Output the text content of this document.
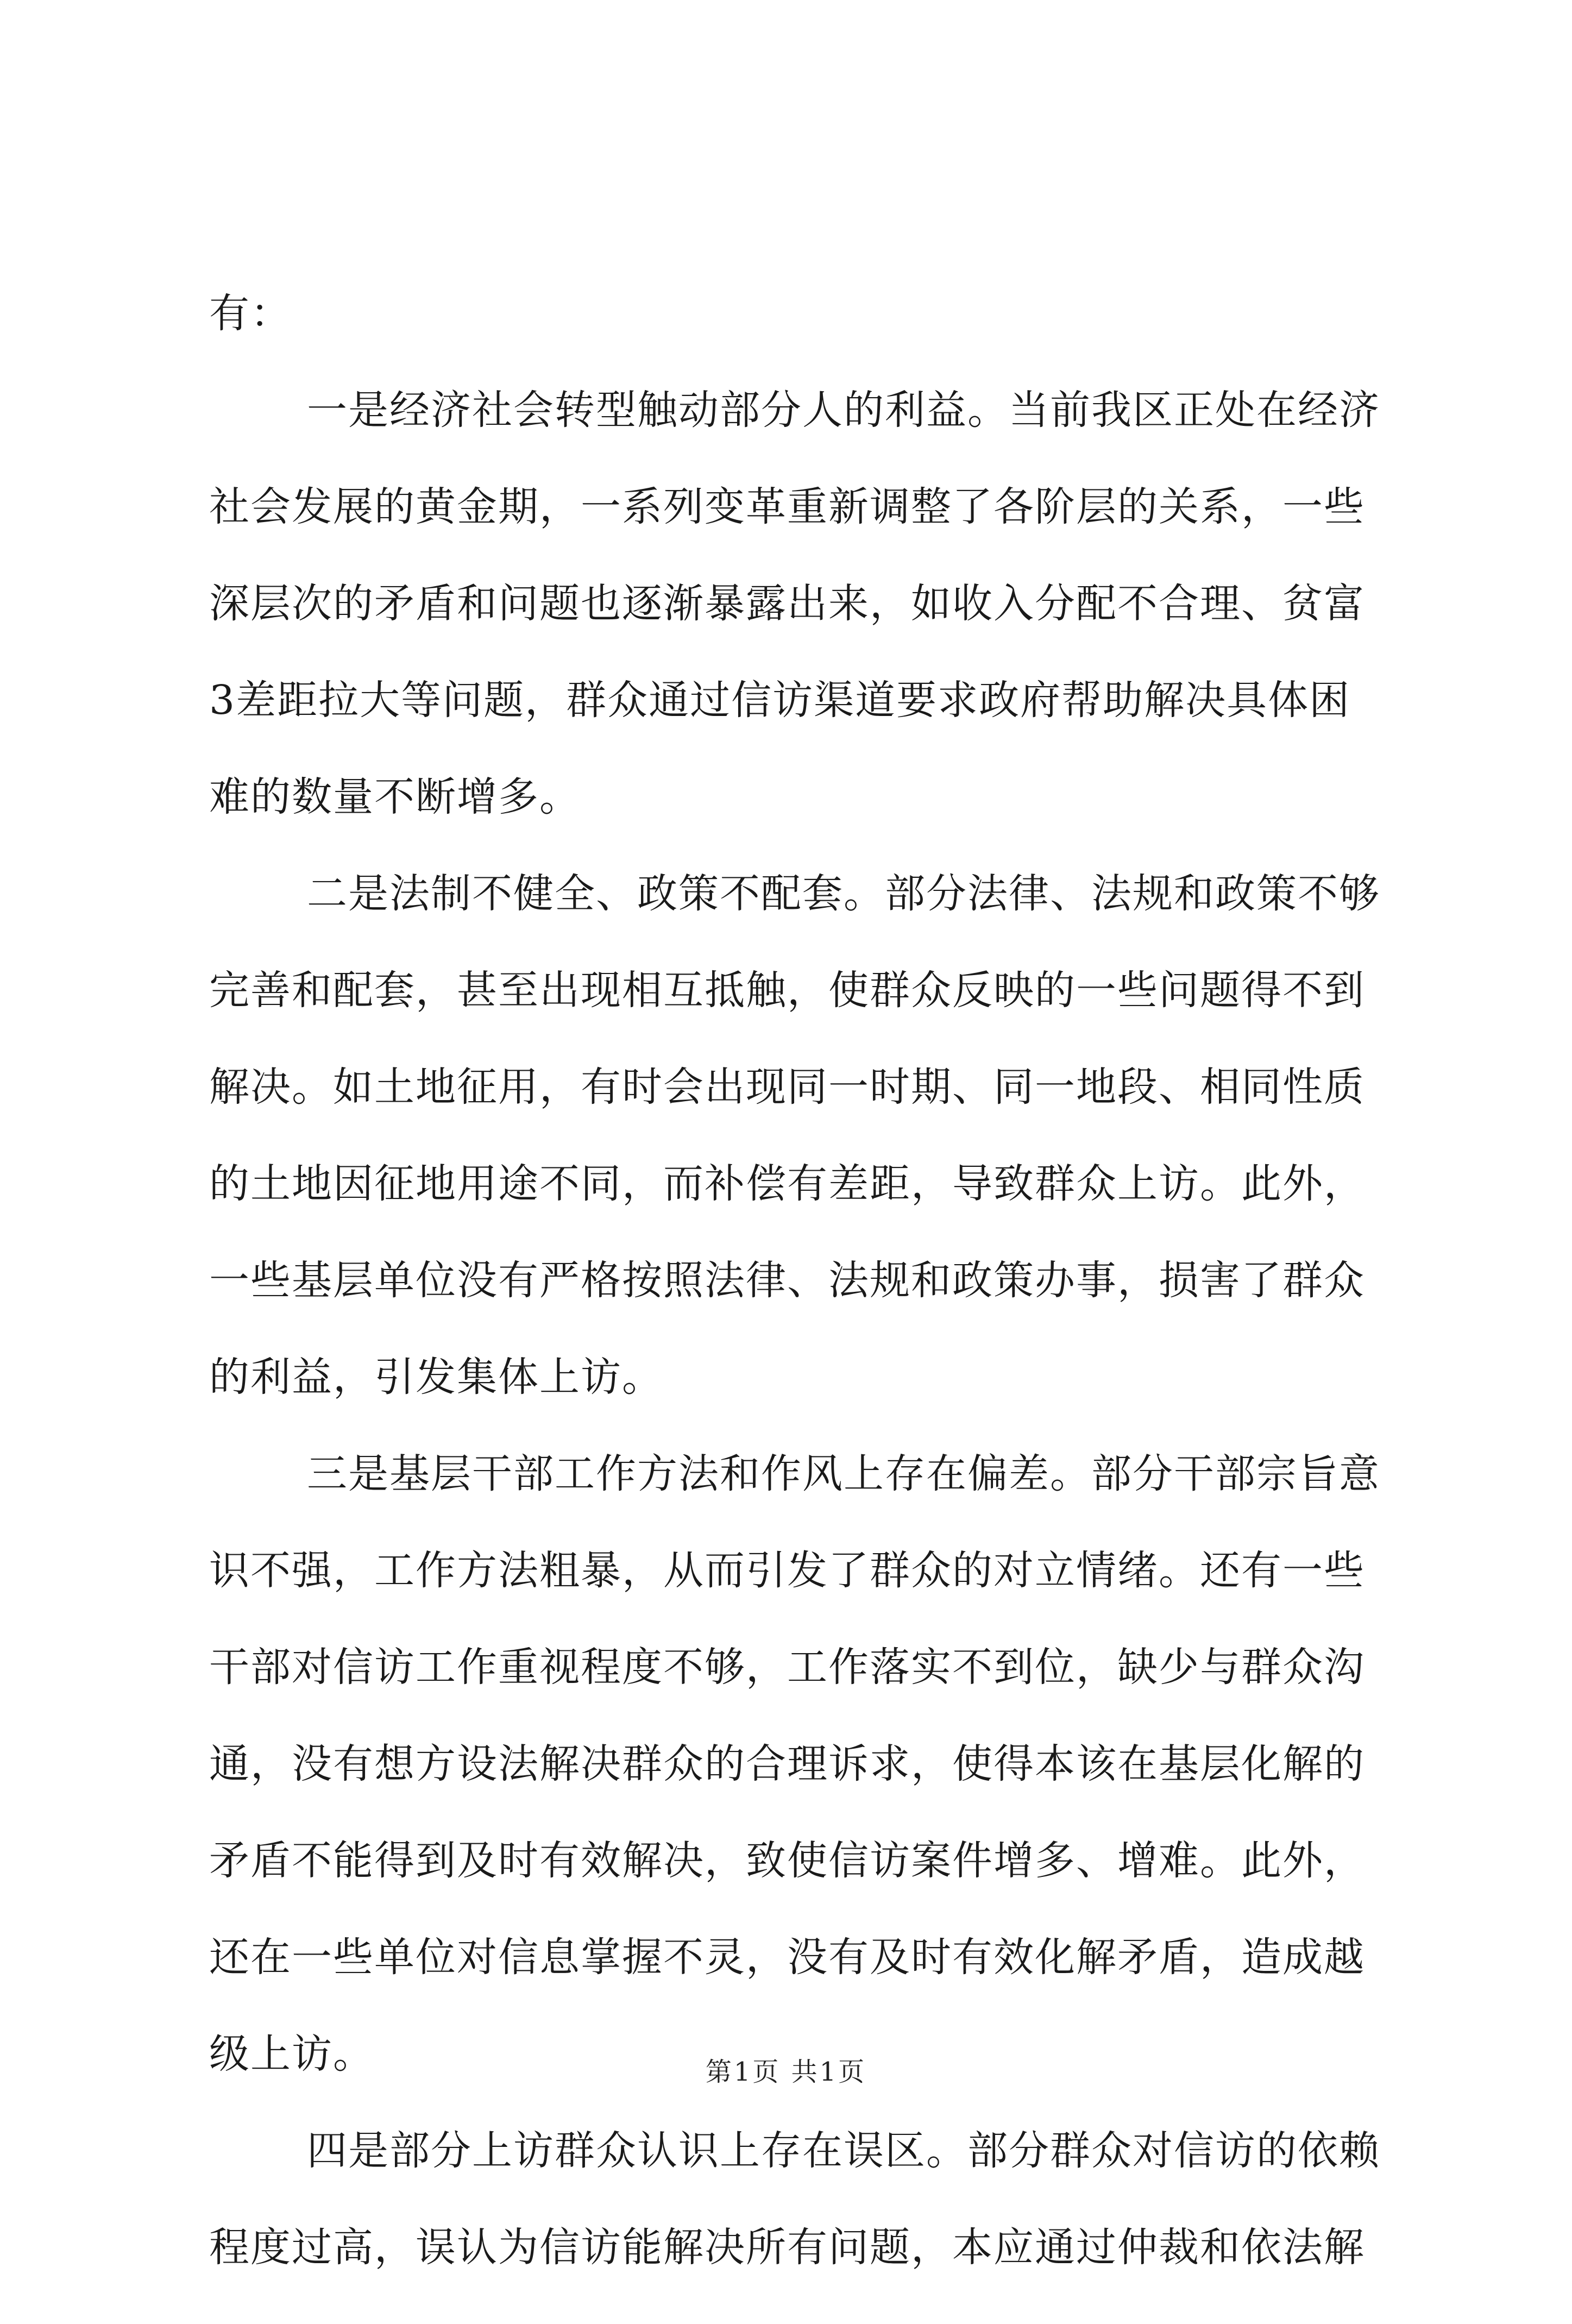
有：

一是经济社会转型触动部分人的利益。当前我区正处在经济

社会发展的黄金期，一系列变革重新调整了各阶层的关系，一些

深层次的矛盾和问题也逐渐暴露出来，如收入分配不合理、贫富

3差距拉大等问题，群众通过信访渠道要求政府帮助解决具体困

难的数量不断增多。

二是法制不健全、政策不配套。部分法律、法规和政策不够

完善和配套，甚至出现相互抵触，使群众反映的一些问题得不到

解决。如土地征用，有时会出现同一时期、同一地段、相同性质

的土地因征地用途不同，而补偿有差距，导致群众上访。此外，

一些基层单位没有严格按照法律、法规和政策办事，损害了群众

的利益，引发集体上访。

三是基层干部工作方法和作风上存在偏差。部分干部宗旨意

识不强，工作方法粗暴，从而引发了群众的对立情绪。还有一些

干部对信访工作重视程度不够，工作落实不到位，缺少与群众沟

通，没有想方设法解决群众的合理诉求，使得本该在基层化解的

矛盾不能得到及时有效解决，致使信访案件增多、增难。此外，

还在一些单位对信息掌握不灵，没有及时有效化解矛盾，造成越

级上访。

四是部分上访群众认识上存在误区。部分群众对信访的依赖

程度过高，误认为信访能解决所有问题，本应通过仲裁和依法解

第1页 共1页
